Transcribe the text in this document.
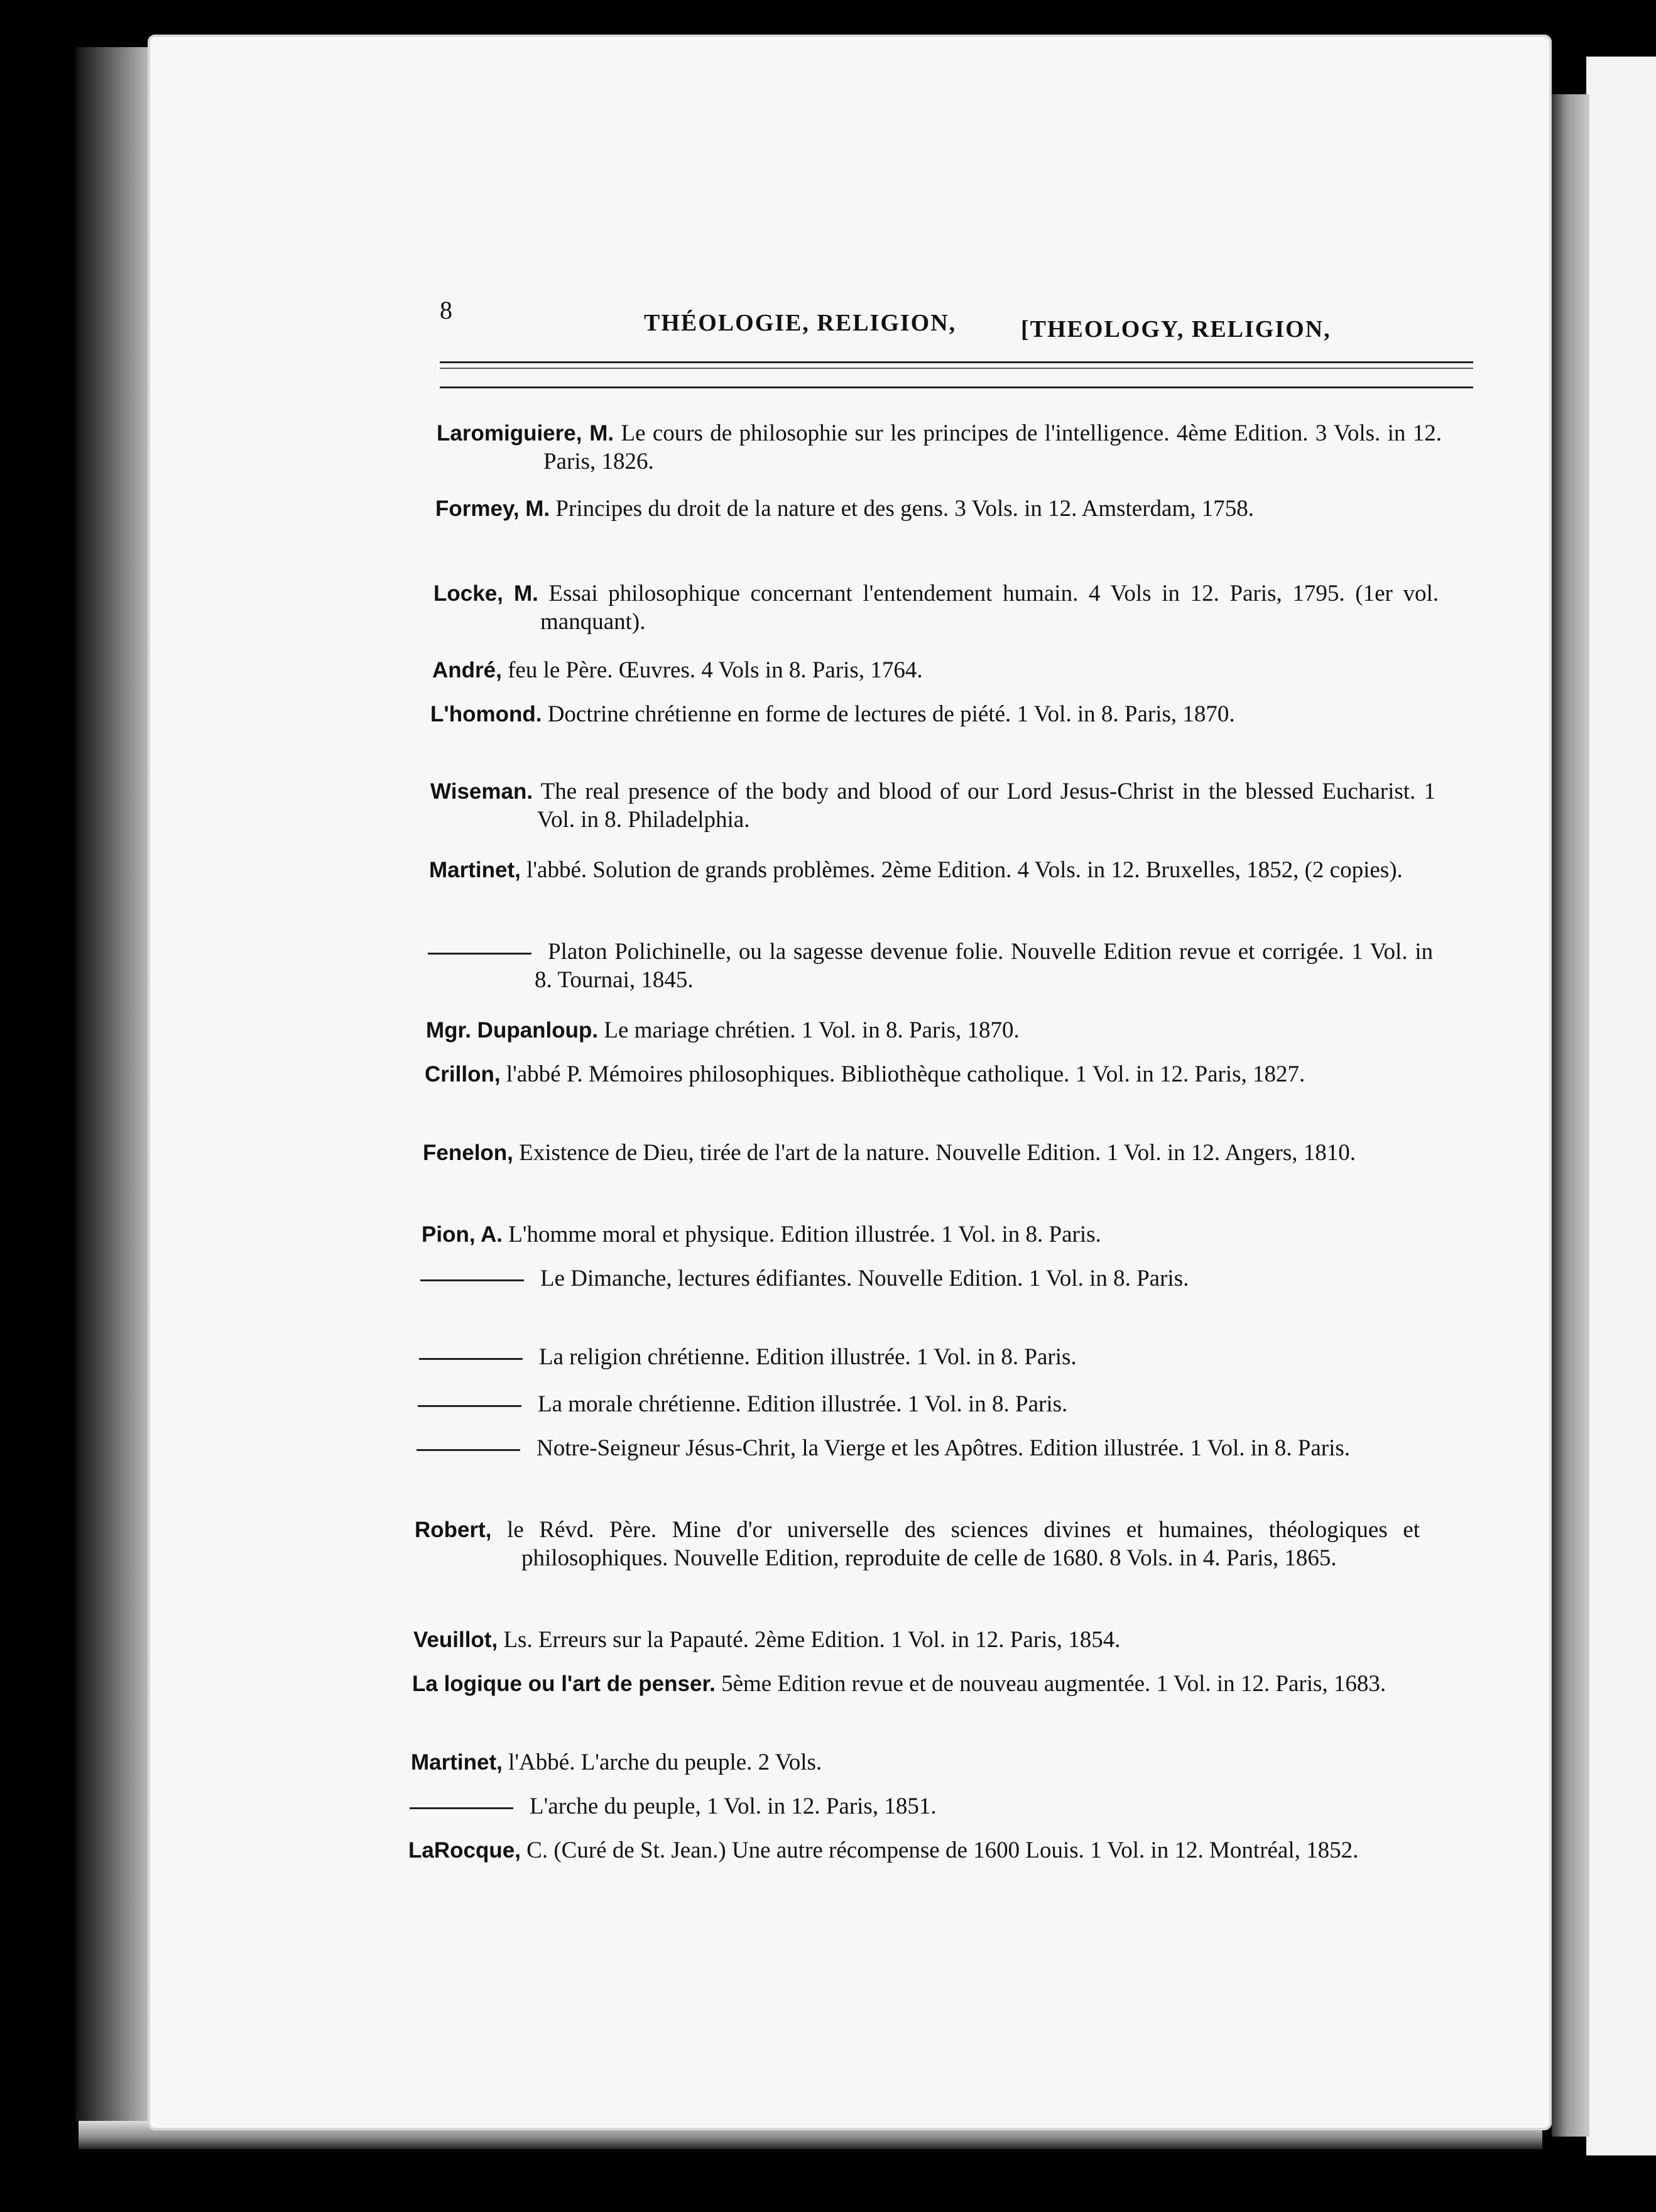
8	THÉOLOGIE, RELIGION,	[THEOLOGY, RELIGION,

Laromiguiere, M. Le cours de philosophie sur les principes de l'intelligence. 4ème Edition. 3 Vols. in 12. Paris, 1826.

Formey, M. Principes du droit de la nature et des gens. 3 Vols. in 12. Amsterdam, 1758.

Locke, M. Essai philosophique concernant l'entendement humain. 4 Vols in 12. Paris, 1795. (1er vol. manquant).

André, feu le Père. Œuvres. 4 Vols in 8. Paris, 1764.

L'homond. Doctrine chrétienne en forme de lectures de piété. 1 Vol. in 8. Paris, 1870.

Wiseman. The real presence of the body and blood of our Lord Jesus-Christ in the blessed Eucharist. 1 Vol. in 8. Philadelphia.

Martinet, l'abbé. Solution de grands problèmes. 2ème Edition. 4 Vols. in 12. Bruxelles, 1852, (2 copies).

Platon Polichinelle, ou la sagesse devenue folie. Nouvelle Edition revue et corrigée. 1 Vol. in 8. Tournai, 1845.

Mgr. Dupanloup. Le mariage chrétien. 1 Vol. in 8. Paris, 1870.

Crillon, l'abbé P. Mémoires philosophiques. Bibliothèque catholique. 1 Vol. in 12. Paris, 1827.

Fenelon, Existence de Dieu, tirée de l'art de la nature. Nouvelle Edition. 1 Vol. in 12. Angers, 1810.

Pion, A. L'homme moral et physique. Edition illustrée. 1 Vol. in 8. Paris.

Le Dimanche, lectures édifiantes. Nouvelle Edition. 1 Vol. in 8. Paris.

La religion chrétienne. Edition illustrée. 1 Vol. in 8. Paris.

La morale chrétienne. Edition illustrée. 1 Vol. in 8. Paris.

Notre-Seigneur Jésus-Chrit, la Vierge et les Apôtres. Edition illustrée. 1 Vol. in 8. Paris.

Robert, le Révd. Père. Mine d'or universelle des sciences divines et humaines, théologiques et philosophiques. Nouvelle Edition, reproduite de celle de 1680. 8 Vols. in 4. Paris, 1865.

Veuillot, Ls. Erreurs sur la Papauté. 2ème Edition. 1 Vol. in 12. Paris, 1854.

La logique ou l'art de penser. 5ème Edition revue et de nouveau augmentée. 1 Vol. in 12. Paris, 1683.

Martinet, l'Abbé. L'arche du peuple. 2 Vols.

L'arche du peuple, 1 Vol. in 12. Paris, 1851.

LaRocque, C. (Curé de St. Jean.) Une autre récompense de 1600 Louis. 1 Vol. in 12. Montréal, 1852.
